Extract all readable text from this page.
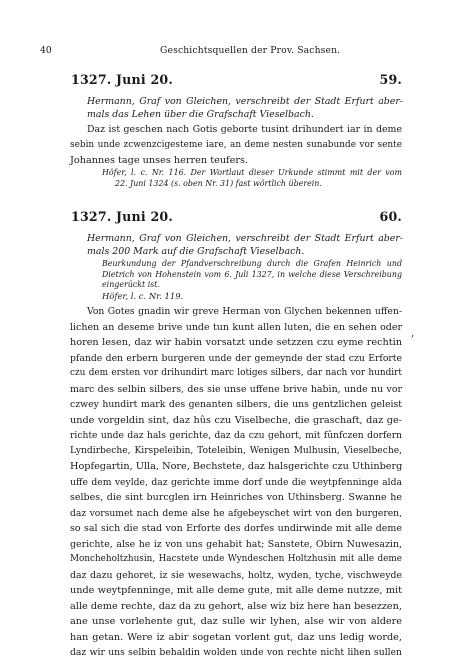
40	Geschichtsquellen der Prov. Sachsen.
1327. Juni 20.	59.
Hermann, Graf von Gleichen, verschreibt der Stadt Erfurt aber-
mals das Lehen über die Grafschaft Vieselbach.
Daz ist geschen nach Gotis geborte tusint drihundert iar in deme
sebin unde zcwenzcigesteme iare, an deme nesten sunabunde vor sente
Johannes tage unses herren teufers.
Höfer, l. c. Nr. 116. Der Wortlaut dieser Urkunde stimmt mit der vom
22. Juni 1324 (s. oben Nr. 31) fast wörtlich überein.
1327. Juni 20.	60.
Hermann, Graf von Gleichen, verschreibt der Stadt Erfurt aber-
mals 200 Mark auf die Grafschaft Vieselbach.
Beurkundung der Pfandverschreibung durch die Grafen Heinrich und
Dietrich von Hohenstein vom 6. Juli 1327, in welche diese Verschreibung
eingerückt ist.
Höfer, l. c. Nr. 119.
Von Gotes gnadin wir greve Herman von Glychen bekennen uffen-
lichen an deseme brive unde tun kunt allen luten, die en sehen oder
horen lesen, daz wir habin vorsatzt unde setzzen czu eyme rechtin
pfande den erbern burgeren unde der gemeynde der stad czu Erforte
czu dem ersten vor drihundirt marc lotiges silbers, dar nach vor hundirt
marc des selbin silbers, des sie unse uffene brive habin, unde nu vor
czwey hundirt mark des genanten silbers, die uns gentzlichen geleist
unde vorgeldin sint, daz hûs czu Viselbeche, die graschaft, daz ge-
richte unde daz hals gerichte, daz da czu gehort, mit fûnfczen dorfern
Lyndirbeche, Kirspeleibin, Toteleibin, Wenigen Mulhusin, Vieselbeche,
Hopfegartin, Ulla, Nore, Bechstete, daz halsgerichte czu Uthinberg
uffe dem veylde, daz gerichte imme dorf unde die weytpfenninge alda
selbes, die sint burcglen irn Heinriches von Uthinsberg. Swanne he
daz vorsumet nach deme alse he afgebeyschet wirt von den burgeren,
so sal sich die stad von Erforte des dorfes undirwinde mit alle deme
gerichte, alse he iz von uns gehabit hat; Sanstete, Obirn Nuwesazin,
Moncheholtzhusin, Hacstete unde Wyndeschen Holtzhusin mit alle deme
daz dazu gehoret, iz sie wesewachs, holtz, wyden, tyche, vischweyde
unde weytpfenninge, mit alle deme gute, mit alle deme nutzze, mit
alle deme rechte, daz da zu gehort, alse wiz biz here han besezzen,
ane unse vorlehente gut, daz sulle wir lyhen, alse wir von aldere
han getan. Were iz abir sogetan vorlent gut, daz uns ledig worde,
daz wir uns selbin behaldin wolden unde von rechte nicht lihen sullen
,
